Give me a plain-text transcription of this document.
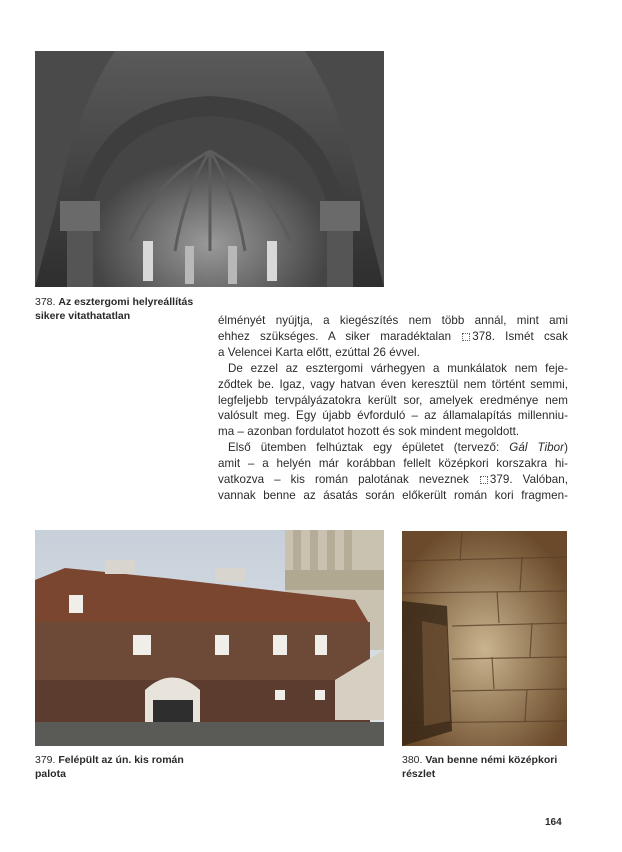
378. Az esztergomi helyreállítás sikere vitathatatlan	élményét nyújtja, a kiegészítés nem több annál, mint ami
ehhez szükséges. A siker maradéktalan 378. Ismét csak
a Velencei Karta előtt, ezúttal 26 évvel.
De ezzel az esztergomi várhegyen a munkálatok nem feje-
ződtek be. Igaz, vagy hatvan éven keresztül nem történt semmi,
legfeljebb tervpályázatokra került sor, amelyek eredménye nem
valósult meg. Egy újabb évforduló – az államalapítás millenniu-
ma – azonban fordulatot hozott és sok mindent megoldott.
Első ütemben felhúztak egy épületet (tervező: Gál Tibor)
amit – a helyén már korábban fellelt középkori korszakra hi-
vatkozva – kis román palotának neveznek 379. Valóban,
vannak benne az ásatás során előkerült román kori fragmen-
379. Felépült az ún. kis román palota
380. Van benne némi középkori részlet
164
